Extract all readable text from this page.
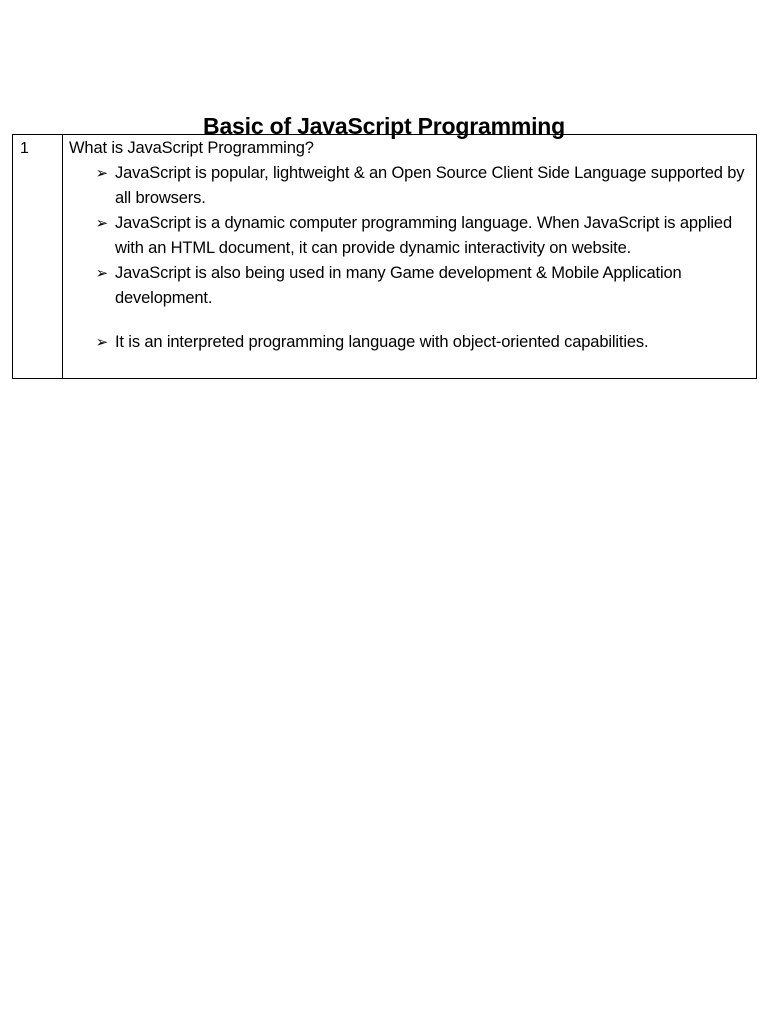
Basic of JavaScript Programming
1	What is JavaScript Programming?

➢ JavaScript is popular, lightweight & an Open Source Client Side Language supported by all browsers.
➢ JavaScript is a dynamic computer programming language. When JavaScript is applied with an HTML document, it can provide dynamic interactivity on website.
➢ JavaScript is also being used in many Game development & Mobile Application development.
➢ It is an interpreted programming language with object-oriented capabilities.
